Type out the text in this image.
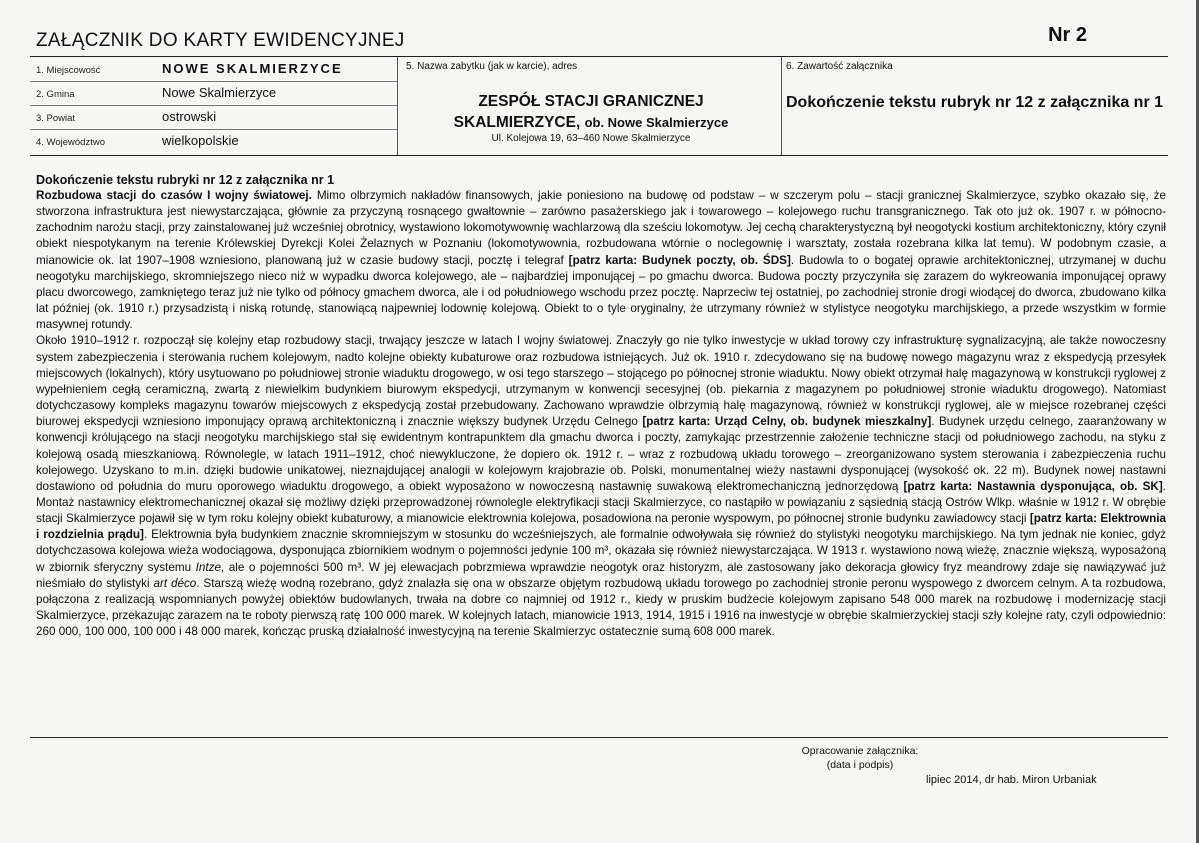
ZAŁĄCZNIK DO KARTY EWIDENCYJNEJ	Nr 2
1. Miejscowość	NOWE SKALMIERZYCE
2. Gmina	Nowe Skalmierzyce
3. Powiat	ostrowski
4. Województwo	wielkopolskie
5. Nazwa zabytku (jak w karcie), adres
ZESPÓŁ STACJI GRANICZNEJ
SKALMIERZYCE, ob. Nowe Skalmierzyce
Ul. Kolejowa 19, 63–460 Nowe Skalmierzyce
6. Zawartość załącznika
Dokończenie tekstu rubryk nr 12 z załącznika nr 1

Dokończenie tekstu rubryki nr 12 z załącznika nr 1

Rozbudowa stacji do czasów I wojny światowej. Mimo olbrzymich nakładów finansowych, jakie poniesiono na budowę od podstaw – w szczerym polu – stacji granicznej Skalmierzyce, szybko okazało się, że stworzona infrastruktura jest niewystarczająca, głównie za przyczyną rosnącego gwałtownie – zarówno pasażerskiego jak i towarowego – kolejowego ruchu transgranicznego. Tak oto już ok. 1907 r. w północno-zachodnim narożu stacji, przy zainstalowanej już wcześniej obrotnicy, wystawiono lokomotywownię wachlarzową dla sześciu lokomotyw. Jej cechą charakterystyczną był neogotycki kostium architektoniczny, który czynił obiekt niespotykanym na terenie Królewskiej Dyrekcji Kolei Żelaznych w Poznaniu (lokomotywownia, rozbudowana wtórnie o noclegownię i warsztaty, została rozebrana kilka lat temu). W podobnym czasie, a mianowicie ok. lat 1907–1908 wzniesiono, planowaną już w czasie budowy stacji, pocztę i telegraf [patrz karta: Budynek poczty, ob. ŚDS]. Budowla to o bogatej oprawie architektonicznej, utrzymanej w duchu neogotyku marchijskiego, skromniejszego nieco niż w wypadku dworca kolejowego, ale – najbardziej imponującej – po gmachu dworca. Budowa poczty przyczyniła się zarazem do wykreowania imponującej oprawy placu dworcowego, zamkniętego teraz już nie tylko od północy gmachem dworca, ale i od południowego wschodu przez pocztę. Naprzeciw tej ostatniej, po zachodniej stronie drogi wiodącej do dworca, zbudowano kilka lat później (ok. 1910 r.) przysadzistą i niską rotundę, stanowiącą najpewniej lodownię kolejową. Obiekt to o tyle oryginalny, że utrzymany również w stylistyce neogotyku marchijskiego, a przede wszystkim w formie masywnej rotundy.

Około 1910–1912 r. rozpoczął się kolejny etap rozbudowy stacji, trwający jeszcze w latach I wojny światowej. Znaczyły go nie tylko inwestycje w układ torowy czy infrastrukturę sygnalizacyjną, ale także nowoczesny system zabezpieczenia i sterowania ruchem kolejowym, nadto kolejne obiekty kubaturowe oraz rozbudowa istniejących. Już ok. 1910 r. zdecydowano się na budowę nowego magazynu wraz z ekspedycją przesyłek miejscowych (lokalnych), który usytuowano po południowej stronie wiaduktu drogowego, w osi tego starszego – stojącego po północnej stronie wiaduktu. Nowy obiekt otrzymał halę magazynową w konstrukcji ryglowej z wypełnieniem cegłą ceramiczną, zwartą z niewielkim budynkiem biurowym ekspedycji, utrzymanym w konwencji secesyjnej (ob. piekarnia z magazynem po południowej stronie wiaduktu drogowego). Natomiast dotychczasowy kompleks magazynu towarów miejscowych z ekspedycją został przebudowany. Zachowano wprawdzie olbrzymią halę magazynową, również w konstrukcji ryglowej, ale w miejsce rozebranej części biurowej ekspedycji wzniesiono imponujący oprawą architektoniczną i znacznie większy budynek Urzędu Celnego [patrz karta: Urząd Celny, ob. budynek mieszkalny]. Budynek urzędu celnego, zaaranżowany w konwencji królującego na stacji neogotyku marchijskiego stał się ewidentnym kontrapunktem dla gmachu dworca i poczty, zamykając przestrzennie założenie techniczne stacji od południowego zachodu, na styku z kolejową osadą mieszkaniową. Równolegle, w latach 1911–1912, choć niewykluczone, że dopiero ok. 1912 r. – wraz z rozbudową układu torowego – zreorganizowano system sterowania i zabezpieczenia ruchu kolejowego. Uzyskano to m.in. dzięki budowie unikatowej, nieznajdującej analogii w kolejowym krajobrazie ob. Polski, monumentalnej wieży nastawni dysponującej (wysokość ok. 22 m). Budynek nowej nastawni dostawiono od południa do muru oporowego wiaduktu drogowego, a obiekt wyposażono w nowoczesną nastawnię suwakową elektromechaniczną jednorzędową [patrz karta: Nastawnia dysponująca, ob. SK]. Montaż nastawnicy elektromechanicznej okazał się możliwy dzięki przeprowadzonej równolegle elektryfikacji stacji Skalmierzyce, co nastąpiło w powiązaniu z sąsiednią stacją Ostrów Wlkp. właśnie w 1912 r. W obrębie stacji Skalmierzyce pojawił się w tym roku kolejny obiekt kubaturowy, a mianowicie elektrownia kolejowa, posadowiona na peronie wyspowym, po północnej stronie budynku zawiadowcy stacji [patrz karta: Elektrownia i rozdzielnia prądu]. Elektrownia była budynkiem znacznie skromniejszym w stosunku do wcześniejszych, ale formalnie odwoływała się również do stylistyki neogotyku marchijskiego. Na tym jednak nie koniec, gdyż dotychczasowa kolejowa wieża wodociągowa, dysponująca zbiornikiem wodnym o pojemności jedynie 100 m³, okazała się również niewystarczająca. W 1913 r. wystawiono nową wieżę, znacznie większą, wyposażoną w zbiornik sferyczny systemu Intze, ale o pojemności 500 m³. W jej elewacjach pobrzmiewa wprawdzie neogotyk oraz historyzm, ale zastosowany jako dekoracja głowicy fryz meandrowy zdaje się nawiązywać już nieśmiało do stylistyki art déco. Starszą wieżę wodną rozebrano, gdyż znalazła się ona w obszarze objętym rozbudową układu torowego po zachodniej stronie peronu wyspowego z dworcem celnym. A ta rozbudowa, połączona z realizacją wspomnianych powyżej obiektów budowlanych, trwała na dobre co najmniej od 1912 r., kiedy w pruskim budżecie kolejowym zapisano 548 000 marek na rozbudowę i modernizację stacji Skalmierzyce, przekazując zarazem na te roboty pierwszą ratę 100 000 marek. W kolejnych latach, mianowicie 1913, 1914, 1915 i 1916 na inwestycje w obrębie skalmierzyckiej stacji szły kolejne raty, czyli odpowiednio: 260 000, 100 000, 100 000 i 48 000 marek, kończąc pruską działalność inwestycyjną na terenie Skalmierzyc ostatecznie sumą 608 000 marek.

Opracowanie załącznika:
(data i podpis)
lipiec 2014, dr hab. Miron Urbaniak
